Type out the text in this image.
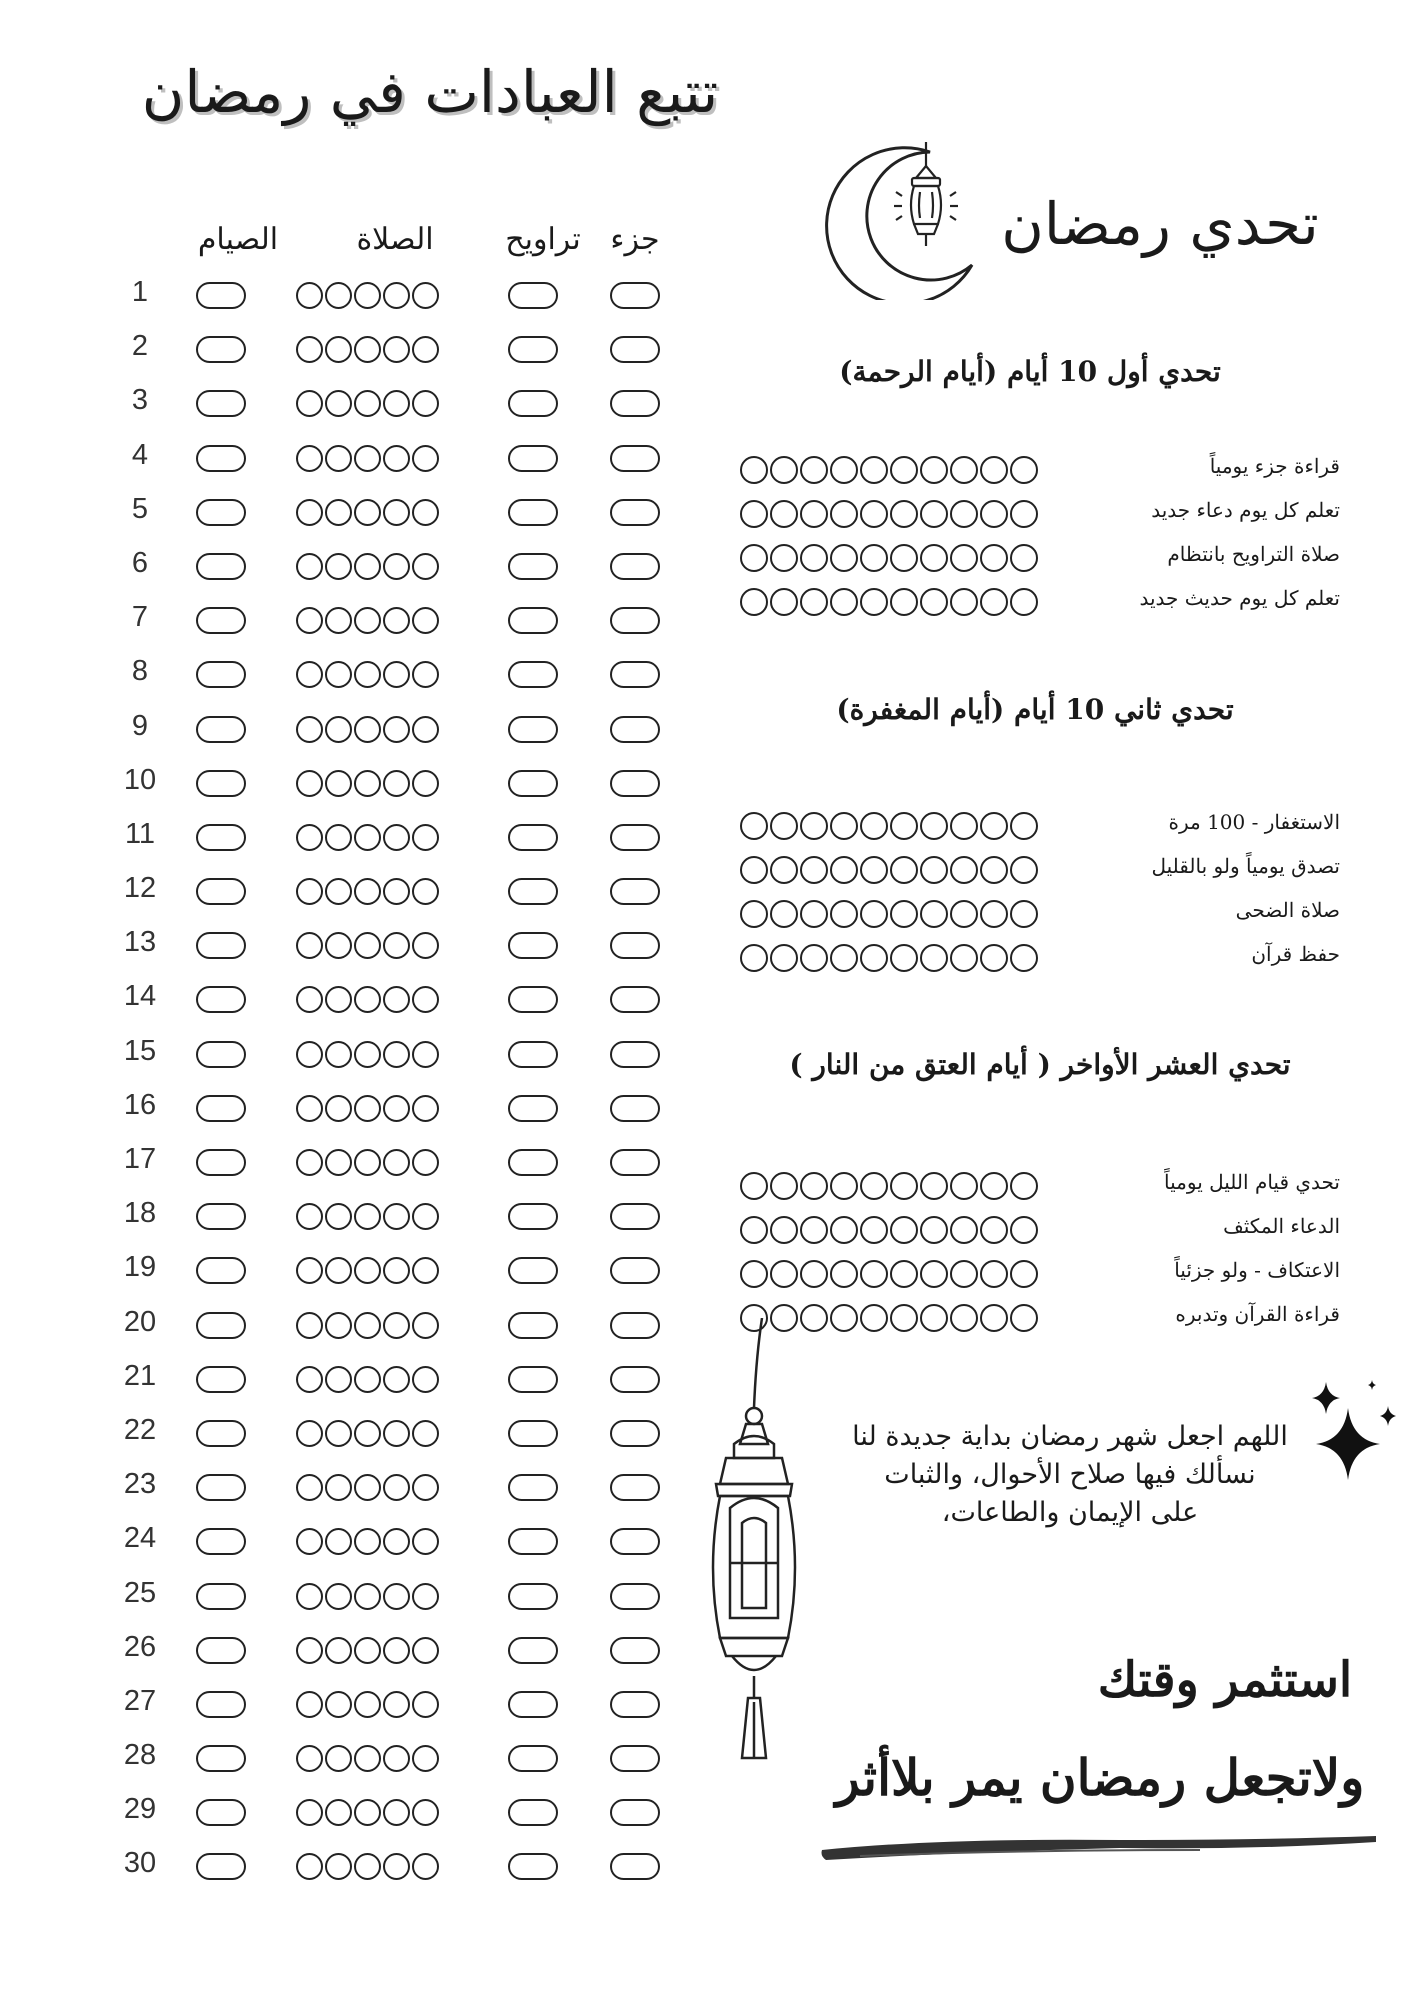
تتبع العبادات في رمضان
الصيام	الصلاة	تراويح جزء
1
2
3
4
5
6
7
8
9
10
11
12
13
14
15
16
17
18
19
20
21
22
23
24
25
26
27
28
29
30
تحدي رمضان
تحدي أول 10 أيام (أيام الرحمة)
قراءة جزء يومياً
تعلم كل يوم دعاء جديد
صلاة التراويح بانتظام
تعلم كل يوم حديث جديد
تحدي ثاني 10 أيام (أيام المغفرة)
الاستغفار - 100 مرة
تصدق يومياً ولو بالقليل
صلاة الضحى
حفظ قرآن
تحدي العشر الأواخر ( أيام العتق من النار )
تحدي قيام الليل يومياً
الدعاء المكثف
الاعتكاف - ولو جزئياً
قراءة القرآن وتدبره
اللهم اجعل شهر رمضان بداية جديدة لنا
نسألك فيها صلاح الأحوال، والثبات
على الإيمان والطاعات،
استثمر وقتك
ولاتجعل رمضان يمر بلاأثر
